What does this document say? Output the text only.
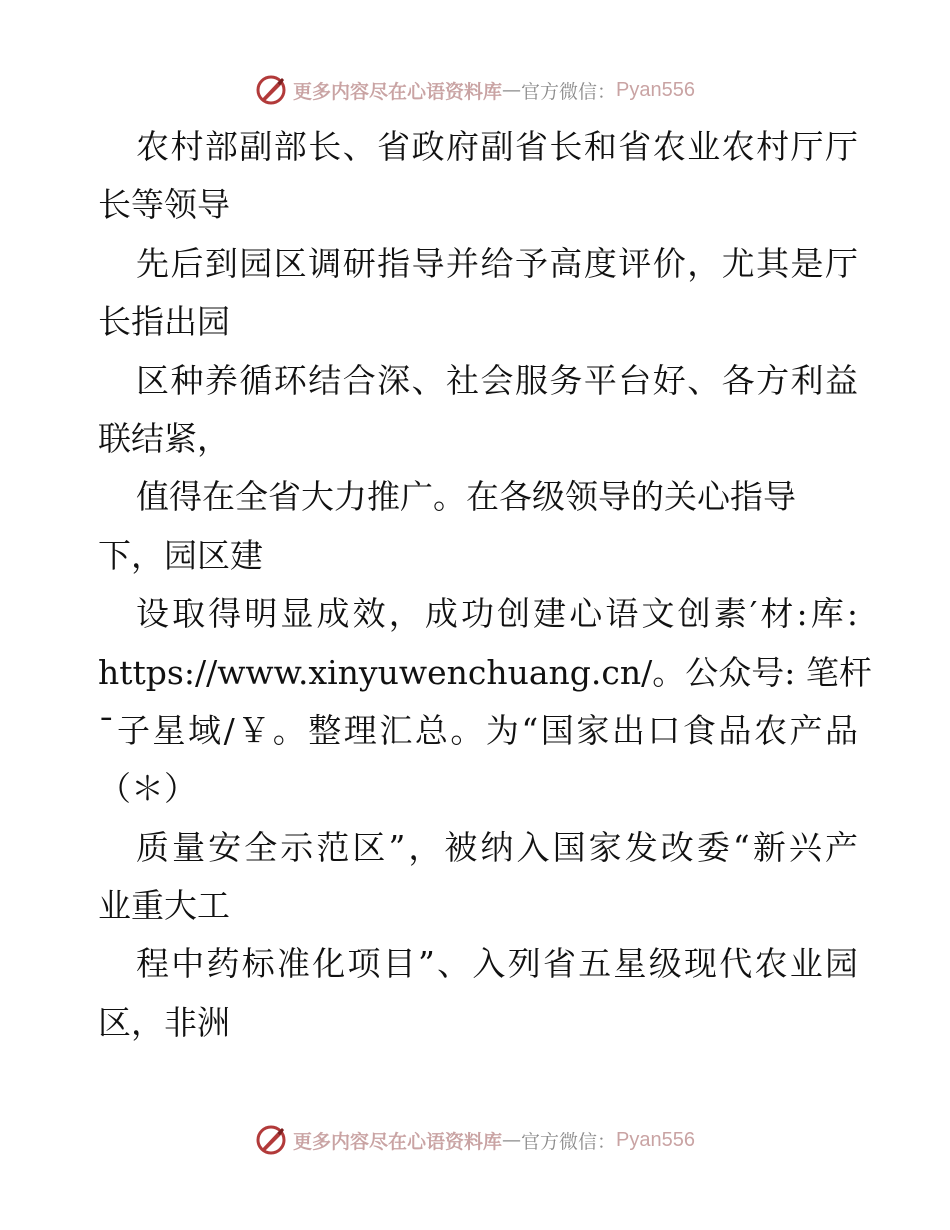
更多内容尽在心语资料库 — 官方微信： Pyan556
农村部副部长、省政府副省长和省农业农村厅厅
长等领导
先后到园区调研指导并给予高度评价，尤其是厅
长指出园
区种养循环结合深、社会服务平台好、各方利益
联结紧，
值得在全省大力推广。在各级领导的关心指导
下，园区建
设取得明显成效，成功创建心语文创素′材:库:
https://www.xinyuwenchuang.cn/。公众号: 笔杆
¯子星域/￥。整理汇总。为“国家出口食品农产品
（＊）
质量安全示范区”，被纳入国家发改委“新兴产
业重大工
程中药标准化项目”、入列省五星级现代农业园
区，非洲
更多内容尽在心语资料库 — 官方微信： Pyan556
